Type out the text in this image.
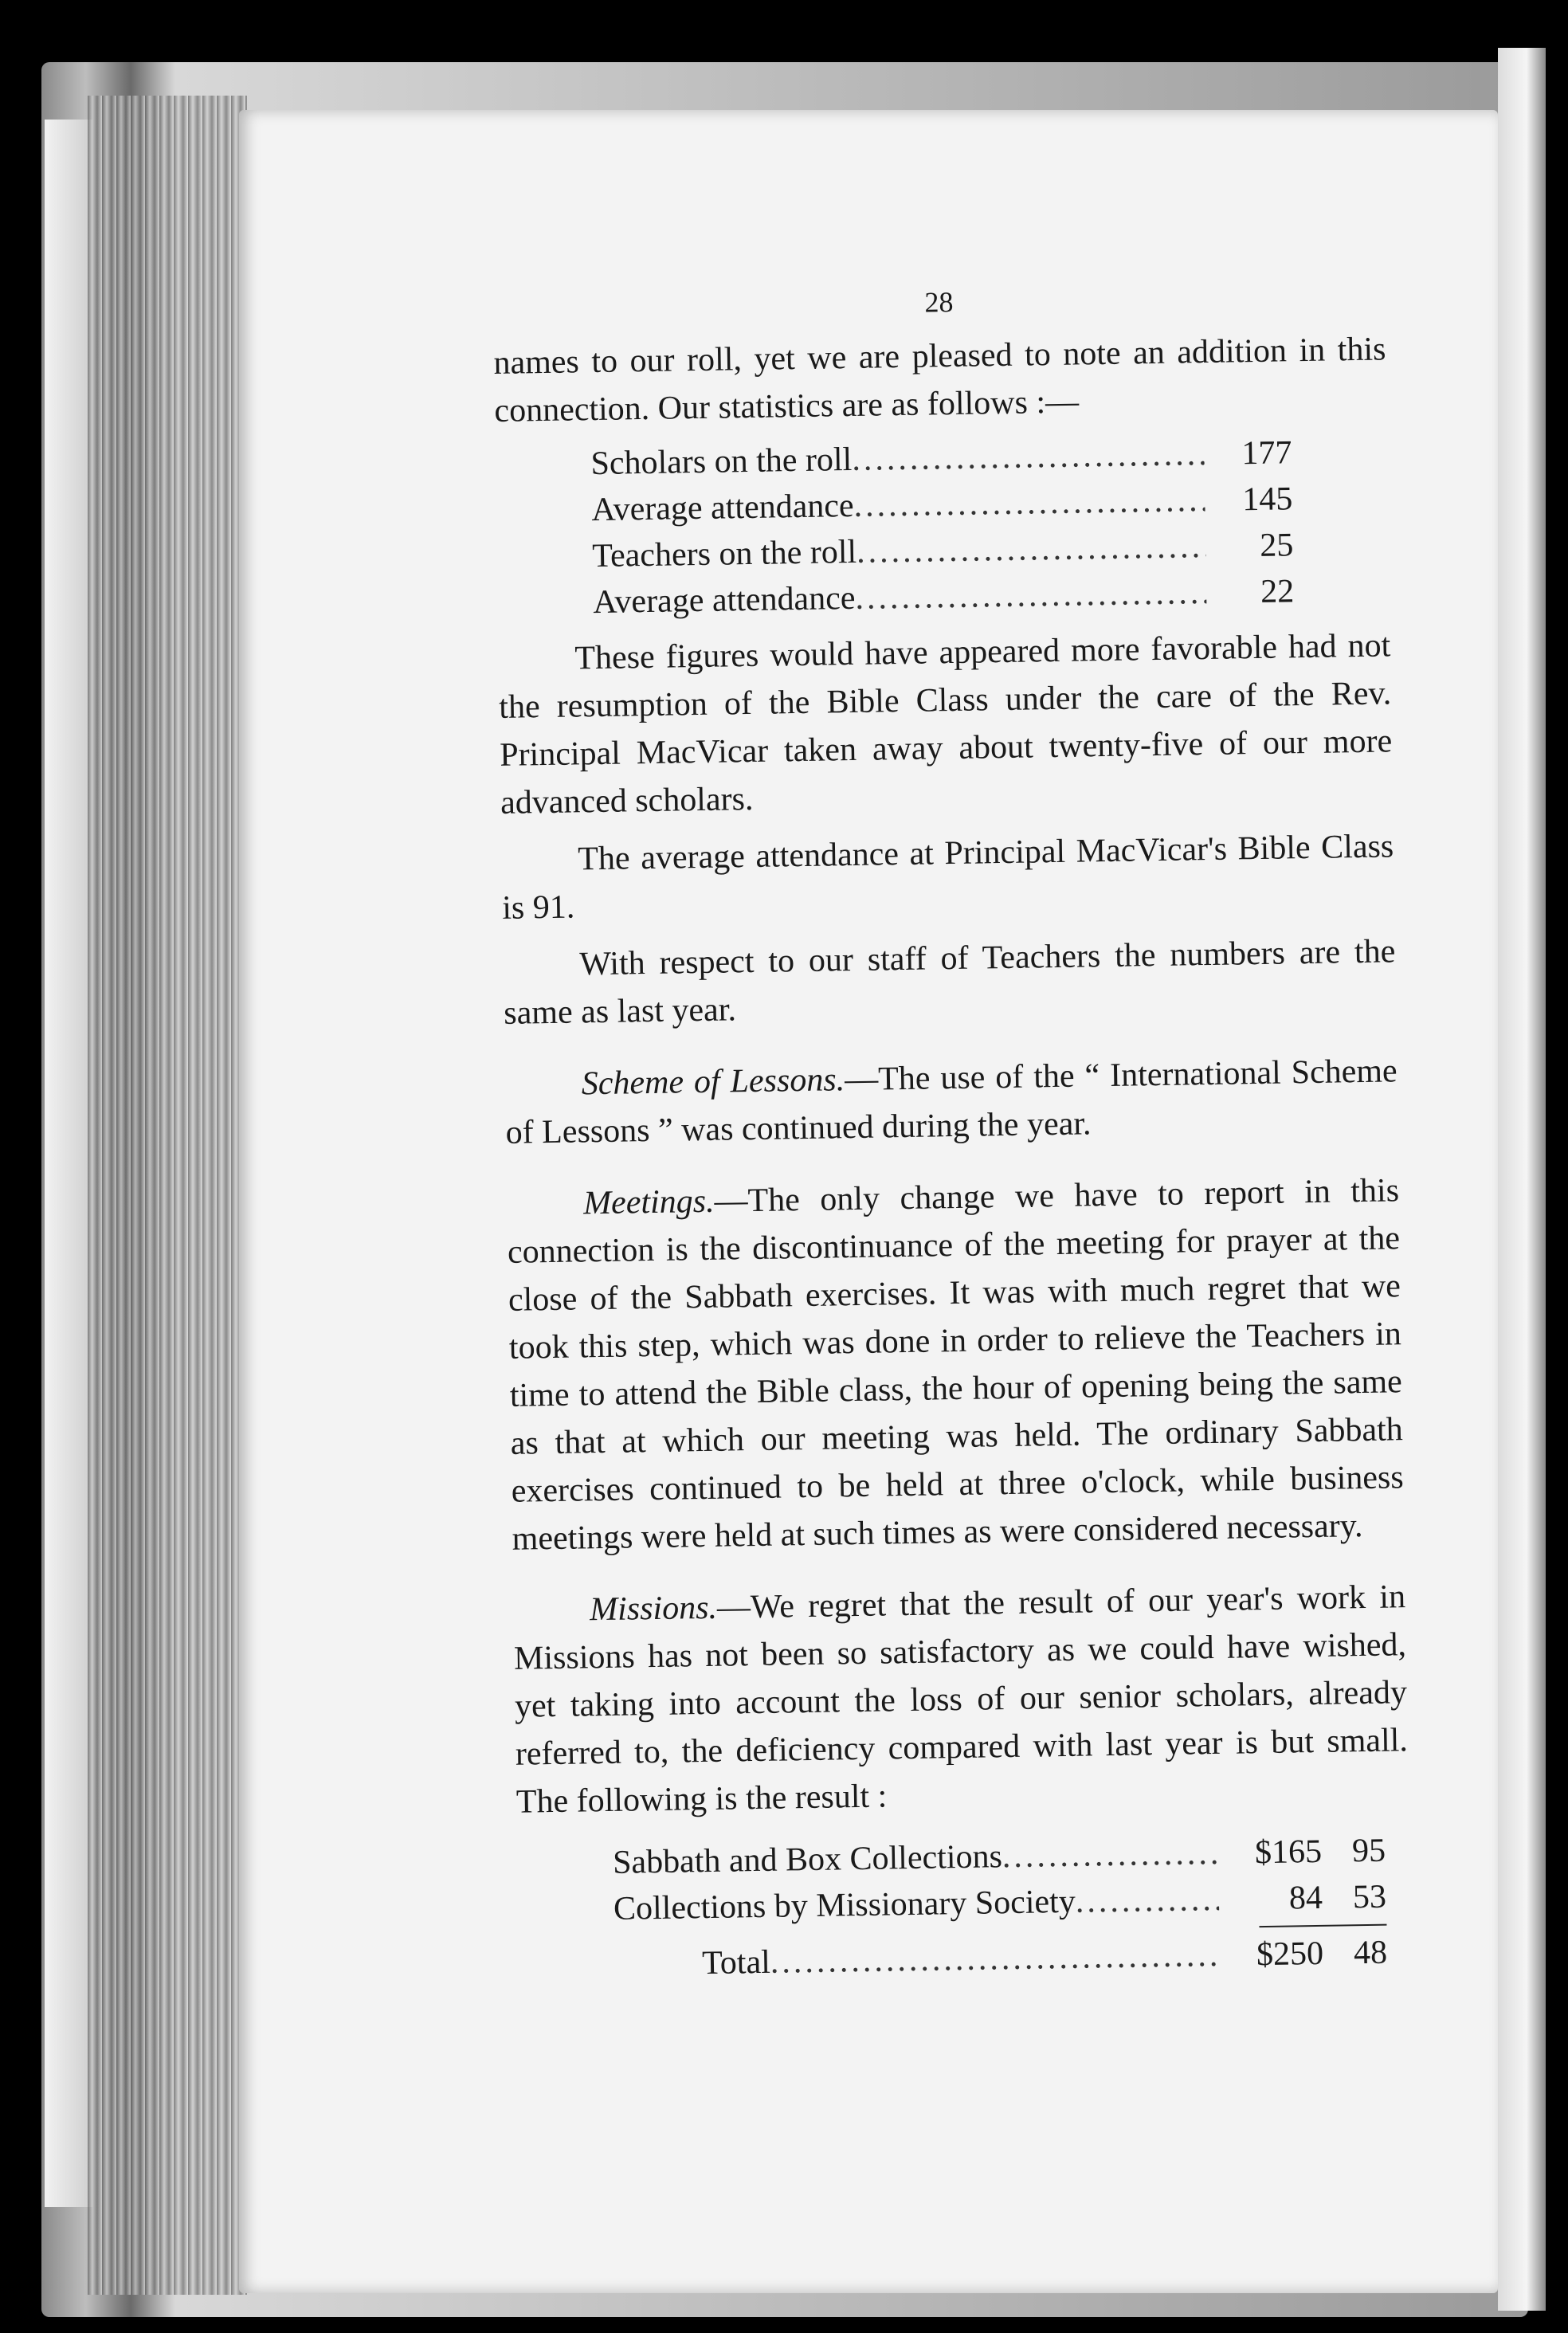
28

names to our roll, yet we are pleased to note an addition in this connection. Our statistics are as follows :—

Scholars on the roll .....	177
Average attendance .....	145
Teachers on the roll .....	25
Average attendance .....	22

These figures would have appeared more favorable had not the resumption of the Bible Class under the care of the Rev. Principal MacVicar taken away about twenty-five of our more advanced scholars.

The average attendance at Principal MacVicar's Bible Class is 91.

With respect to our staff of Teachers the numbers are the same as last year.

Scheme of Lessons.—The use of the “ International Scheme of Lessons ” was continued during the year.

Meetings.—The only change we have to report in this connection is the discontinuance of the meeting for prayer at the close of the Sabbath exercises. It was with much regret that we took this step, which was done in order to relieve the Teachers in time to attend the Bible class, the hour of opening being the same as that at which our meeting was held. The ordinary Sabbath exercises continued to be held at three o'clock, while business meetings were held at such times as were considered necessary.

Missions.—We regret that the result of our year's work in Missions has not been so satisfactory as we could have wished, yet taking into account the loss of our senior scholars, already referred to, the deficiency compared with last year is but small. The following is the result :

Sabbath and Box Collections .....	$165 95
Collections by Missionary Society .....	84 53
Total .....	$250 48
